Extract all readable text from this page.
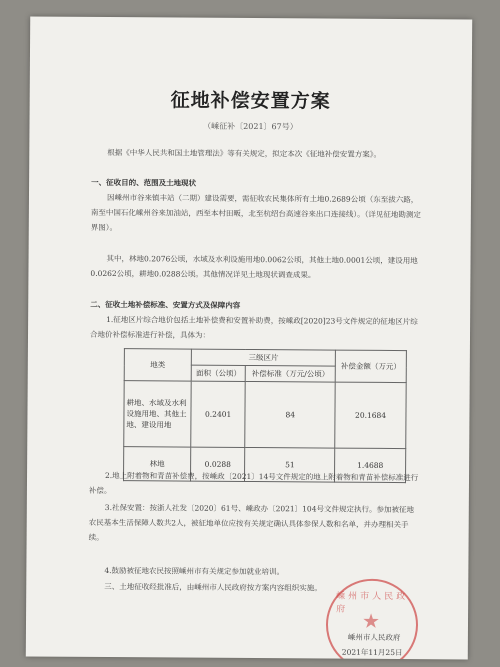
征地补偿安置方案
（嵊征补〔2021〕67号）
根据《中华人民共和国土地管理法》等有关规定，拟定本次《征地补偿安置方案》。
一、征收目的、范围及土地现状
因嵊州市谷来镇丰站（二期）建设需要，需征收农民集体所有土地0.2689公顷（东至拔六路，南至中国石化嵊州谷来加油站，西至本村田畈，北至杭绍台高速谷来出口连接线）。（详见征地勘测定界图）。
其中，林地0.2076公顷，水域及水利设施用地0.0062公顷，其他土地0.0001公顷，建设用地0.0262公顷，耕地0.0288公顷。其他情况详见土地现状调查成果。
二、征收土地补偿标准、安置方式及保障内容
1.征地区片综合地价包括土地补偿费和安置补助费，按嵊政[2020]23号文件规定的征地区片综合地价补偿标准进行补偿，具体为：
地类	三级区片		补偿金额（万元）
	面积（公顷）	补偿标准（万元/公顷）	
耕地、水域及水利设施用地、其他土地、建设用地	0.2401	84	20.1684
林地	0.0288	51	1.4688
2.地上附着物和青苗补偿费，按嵊政〔2021〕14号文件规定的地上附着物和青苗补偿标准进行补偿。
3.社保安置：按浙人社发〔2020〕61号、嵊政办〔2021〕104号文件规定执行。参加被征地农民基本生活保障人数共2人，被征地单位应按有关规定确认具体参保人数和名单，并办理相关手续。
4.鼓励被征地农民按照嵊州市有关规定参加就业培训。
三、土地征收经批准后，由嵊州市人民政府按方案内容组织实施。
嵊州市人民政府 ★
嵊州市人民政府
2021年11月25日
